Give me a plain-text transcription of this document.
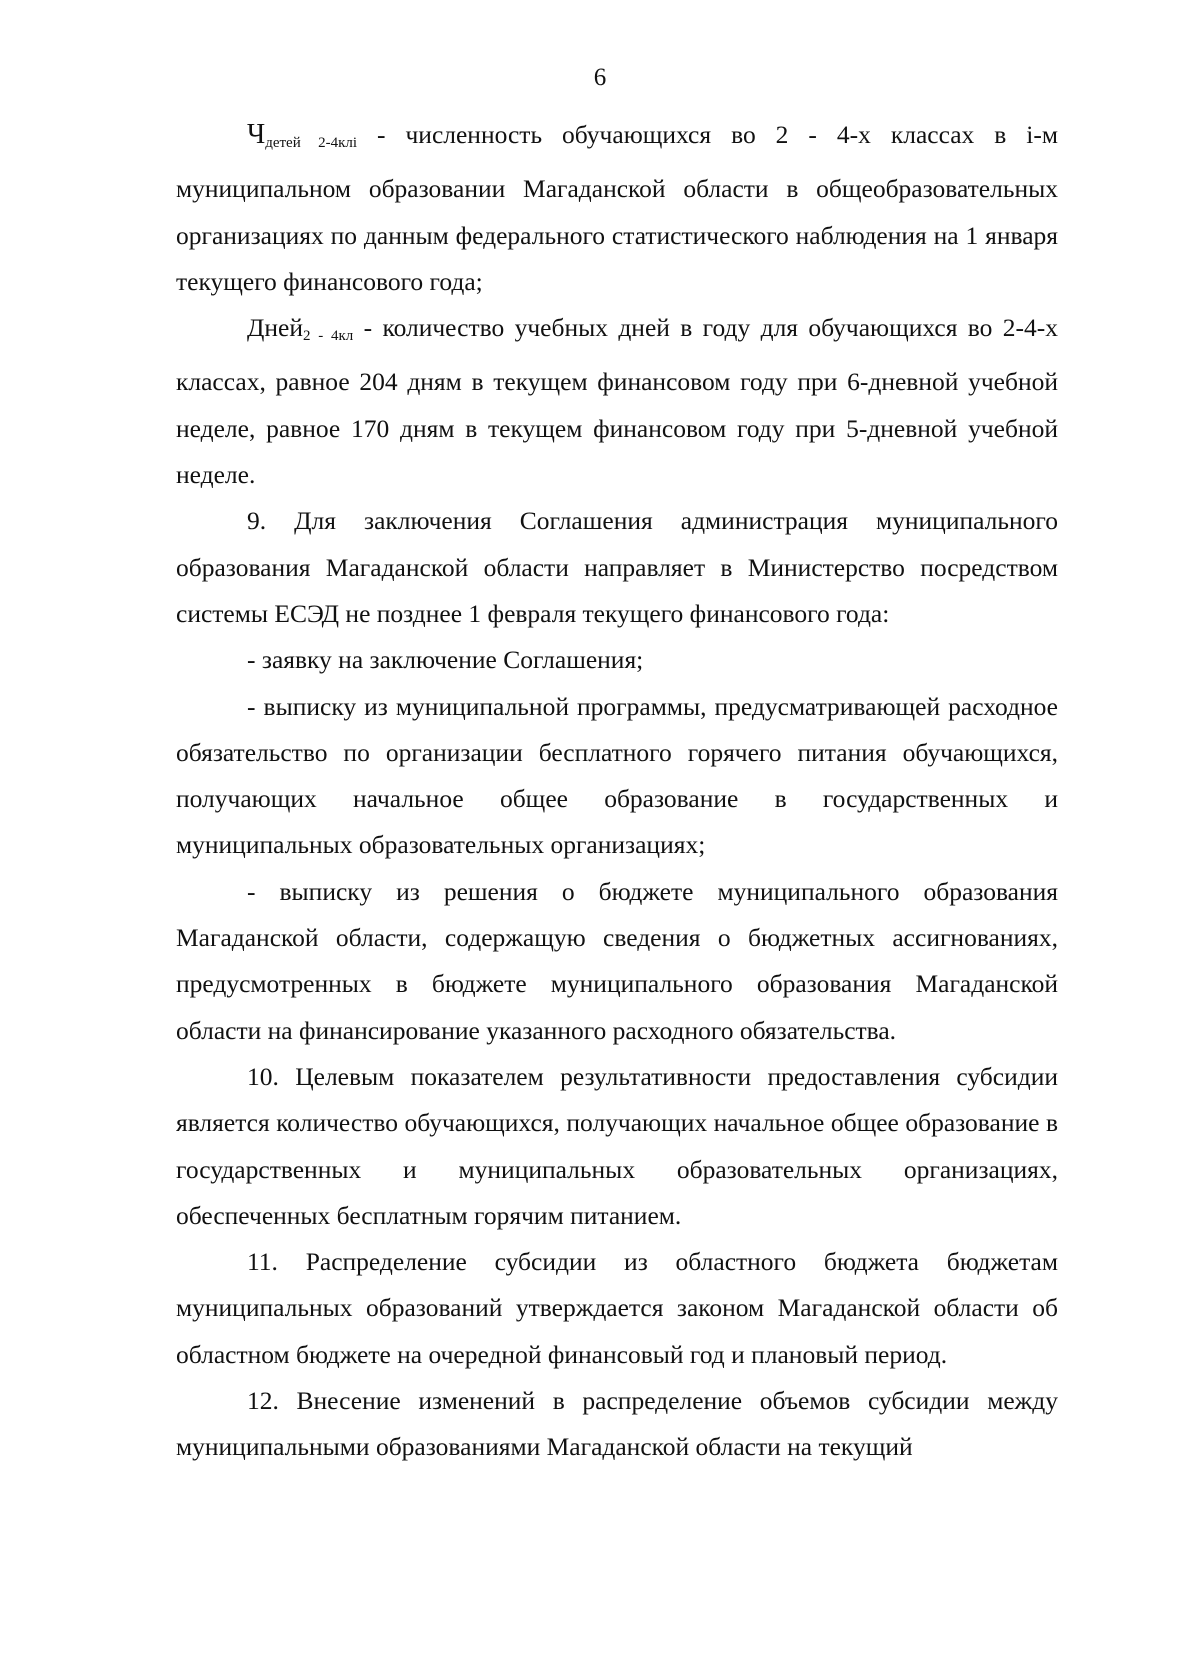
6

Чдетей 2-4клi - численность обучающихся во 2 - 4-х классах в i-м муниципальном образовании Магаданской области в общеобразовательных организациях по данным федерального статистического наблюдения на 1 января текущего финансового года;

Дней2 - 4кл - количество учебных дней в году для обучающихся во 2-4-х классах, равное 204 дням в текущем финансовом году при 6-дневной учебной неделе, равное 170 дням в текущем финансовом году при 5-дневной учебной неделе.

9. Для заключения Соглашения администрация муниципального образования Магаданской области направляет в Министерство посредством системы ЕСЭД не позднее 1 февраля текущего финансового года:

- заявку на заключение Соглашения;

- выписку из муниципальной программы, предусматривающей расходное обязательство по организации бесплатного горячего питания обучающихся, получающих начальное общее образование в государственных и муниципальных образовательных организациях;

- выписку из решения о бюджете муниципального образования Магаданской области, содержащую сведения о бюджетных ассигнованиях, предусмотренных в бюджете муниципального образования Магаданской области на финансирование указанного расходного обязательства.

10. Целевым показателем результативности предоставления субсидии является количество обучающихся, получающих начальное общее образование в государственных и муниципальных образовательных организациях, обеспеченных бесплатным горячим питанием.

11. Распределение субсидии из областного бюджета бюджетам муниципальных образований утверждается законом Магаданской области об областном бюджете на очередной финансовый год и плановый период.

12. Внесение изменений в распределение объемов субсидии между муниципальными образованиями Магаданской области на текущий
